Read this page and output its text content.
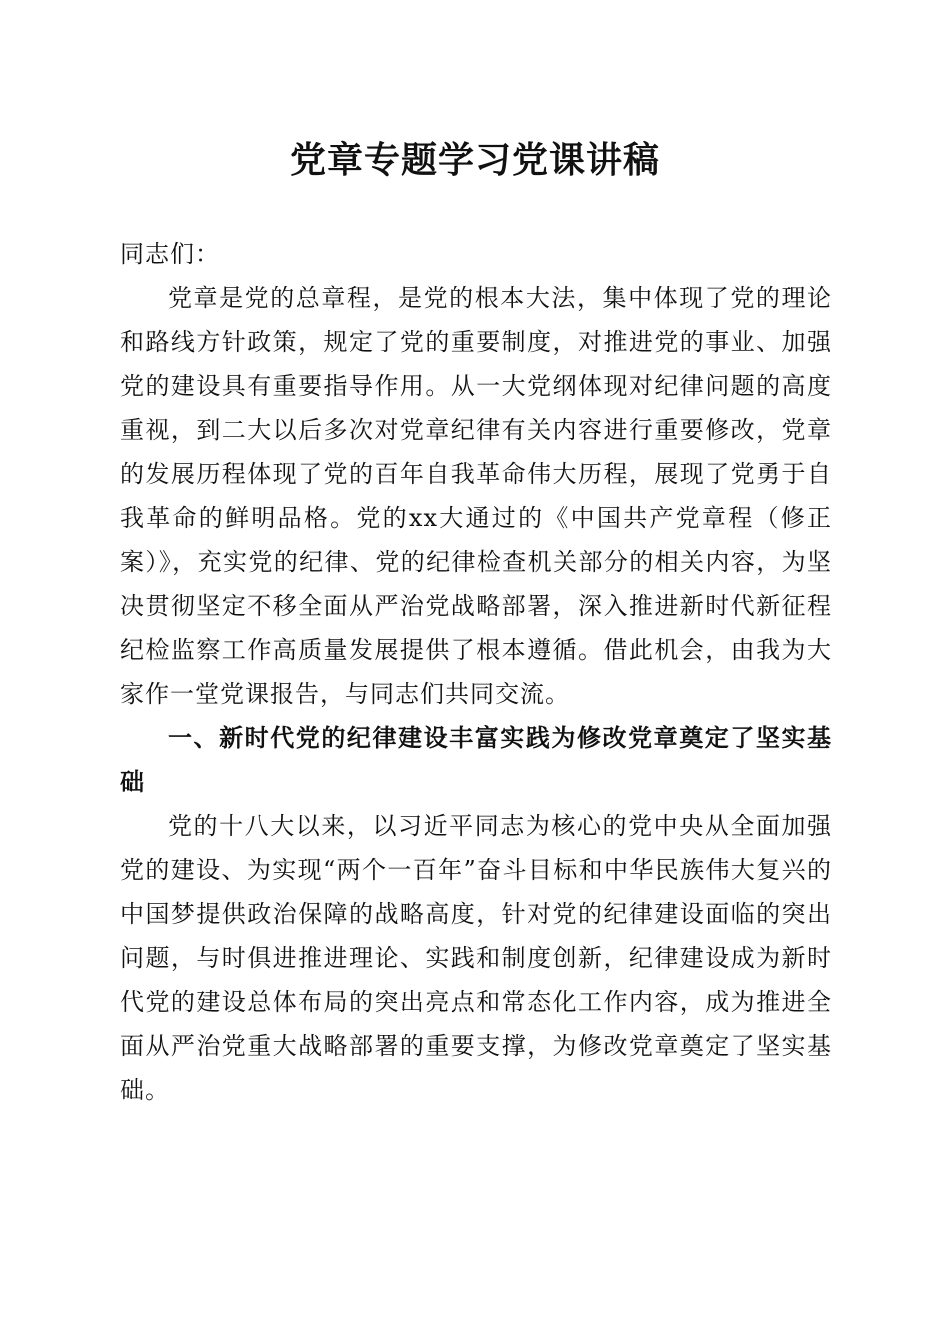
党章专题学习党课讲稿

同志们：

党章是党的总章程，是党的根本大法，集中体现了党的理论和路线方针政策，规定了党的重要制度，对推进党的事业、加强党的建设具有重要指导作用。从一大党纲体现对纪律问题的高度重视，到二大以后多次对党章纪律有关内容进行重要修改，党章的发展历程体现了党的百年自我革命伟大历程，展现了党勇于自我革命的鲜明品格。党的xx大通过的《中国共产党章程（修正案）》，充实党的纪律、党的纪律检查机关部分的相关内容，为坚决贯彻坚定不移全面从严治党战略部署，深入推进新时代新征程纪检监察工作高质量发展提供了根本遵循。借此机会，由我为大家作一堂党课报告，与同志们共同交流。

一、新时代党的纪律建设丰富实践为修改党章奠定了坚实基础

党的十八大以来，以习近平同志为核心的党中央从全面加强党的建设、为实现“两个一百年”奋斗目标和中华民族伟大复兴的中国梦提供政治保障的战略高度，针对党的纪律建设面临的突出问题，与时俱进推进理论、实践和制度创新，纪律建设成为新时代党的建设总体布局的突出亮点和常态化工作内容，成为推进全面从严治党重大战略部署的重要支撑，为修改党章奠定了坚实基础。
